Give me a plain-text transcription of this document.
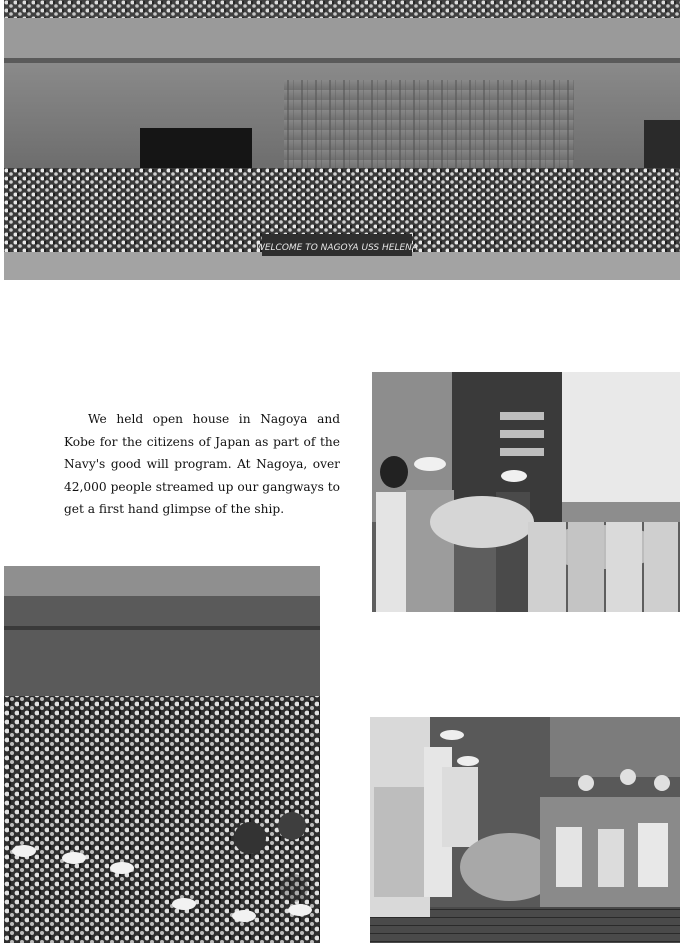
WELCOME TO NAGOYA USS HELENA

We held open house in Nagoya and Kobe for the citizens of Japan as part of the Navy's good will program. At Nagoya, over 42,000 people streamed up our gangways to get a first hand glimpse of the ship.
